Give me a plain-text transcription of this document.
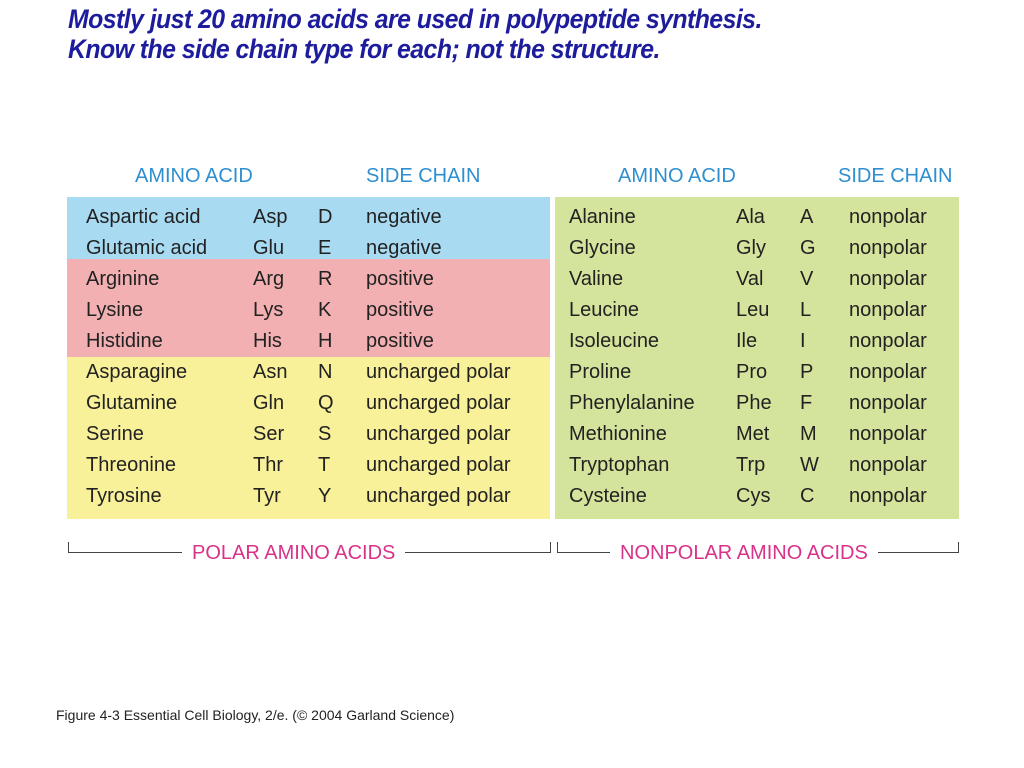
Mostly just 20 amino acids are used in polypeptide synthesis.
Know the side chain type for each; not the structure.
AMINO ACID	SIDE CHAIN	AMINO ACID	SIDE CHAIN
Aspartic acid	Asp D negative
Glutamic acid Glu E negative
Arginine	Arg R positive
Lysine	Lys K positive
Histidine	His H positive
Asparagine	Asn N uncharged polar
Glutamine	Gln Q uncharged polar
Serine	Ser S uncharged polar
Threonine	Thr T uncharged polar
Tyrosine	Tyr Y uncharged polar
Alanine	Ala A nonpolar
Glycine	Gly G nonpolar
Valine	Val V nonpolar
Leucine	Leu L nonpolar
Isoleucine	Ile I nonpolar
Proline	Pro P nonpolar
Phenylalanine Phe F nonpolar
Methionine	Met M nonpolar
Tryptophan	Trp W nonpolar
Cysteine	Cys C nonpolar
POLAR AMINO ACIDS	NONPOLAR AMINO ACIDS
Figure 4-3 Essential Cell Biology, 2/e. (© 2004 Garland Science)
